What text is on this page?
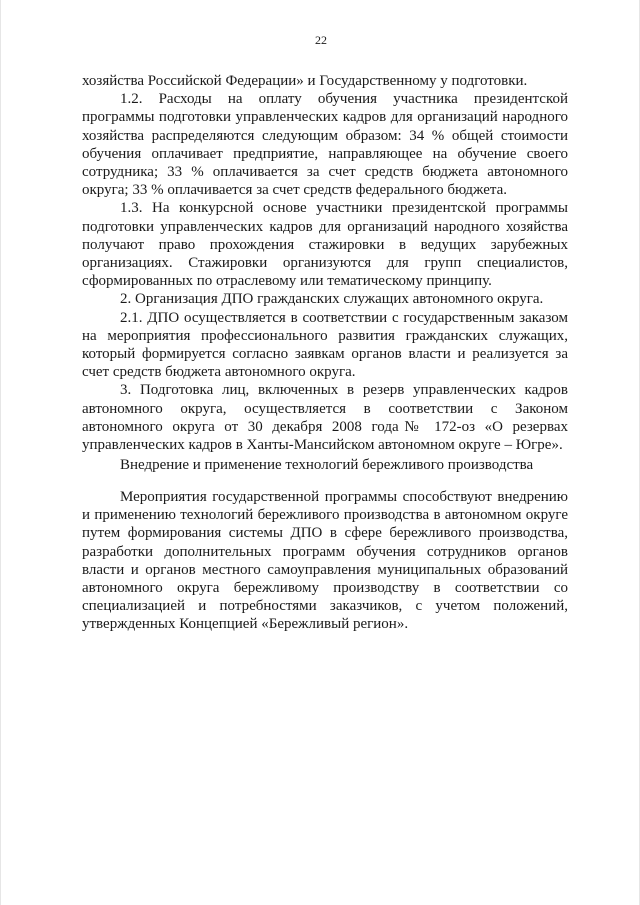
22

хозяйства Российской Федерации» и Государственному у подготовки.

1.2. Расходы на оплату обучения участника президентской программы подготовки управленческих кадров для организаций народного хозяйства распределяются следующим образом: 34 % общей стоимости обучения оплачивает предприятие, направляющее на обучение своего сотрудника; 33 % оплачивается за счет средств бюджета автономного округа; 33 % оплачивается за счет средств федерального бюджета.

1.3. На конкурсной основе участники президентской программы подготовки управленческих кадров для организаций народного хозяйства получают право прохождения стажировки в ведущих зарубежных организациях. Стажировки организуются для групп специалистов, сформированных по отраслевому или тематическому принципу.

2. Организация ДПО гражданских служащих автономного округа.

2.1. ДПО осуществляется в соответствии с государственным заказом на мероприятия профессионального развития гражданских служащих, который формируется согласно заявкам органов власти и реализуется за счет средств бюджета автономного округа.

3. Подготовка лиц, включенных в резерв управленческих кадров автономного округа, осуществляется в соответствии с Законом автономного округа от 30 декабря 2008 года№ 172-оз «О резервах управленческих кадров в Ханты-Мансийском автономном округе – Югре».

Внедрение и применение технологий бережливого производства

Мероприятия государственной программы способствуют внедрению и применению технологий бережливого производства в автономном округе путем формирования системы ДПО в сфере бережливого производства, разработки дополнительных программ обучения сотрудников органов власти и органов местного самоуправления муниципальных образований автономного округа бережливому производству в соответствии со специализацией и потребностями заказчиков, с учетом положений, утвержденных Концепцией «Бережливый регион».
